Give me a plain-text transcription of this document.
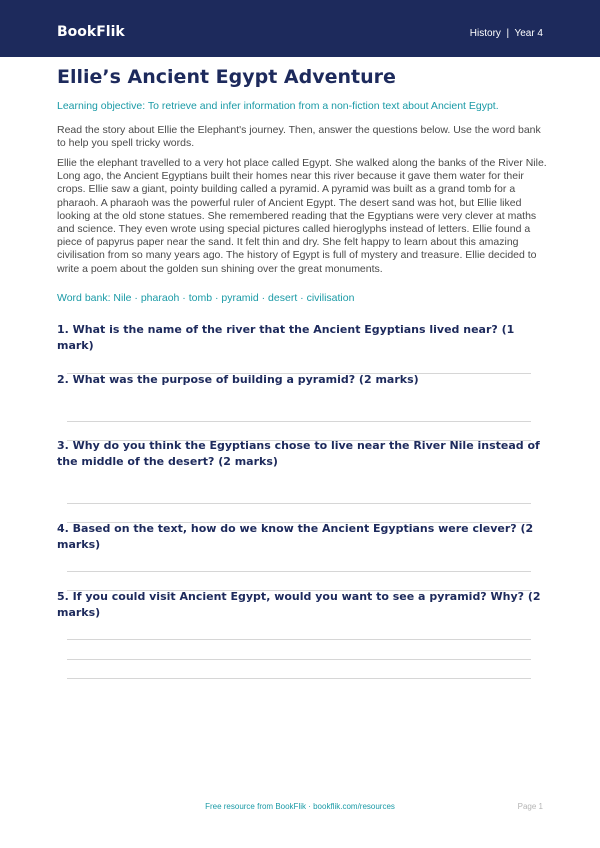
BookFlik	History  |  Year 4
Ellie’s Ancient Egypt Adventure
Learning objective: To retrieve and infer information from a non-fiction text about Ancient Egypt.
Read the story about Ellie the Elephant's journey. Then, answer the questions below. Use the word bank to help you spell tricky words.
Ellie the elephant travelled to a very hot place called Egypt. She walked along the banks of the River Nile. Long ago, the Ancient Egyptians built their homes near this river because it gave them water for their crops. Ellie saw a giant, pointy building called a pyramid. A pyramid was built as a grand tomb for a pharaoh. A pharaoh was the powerful ruler of Ancient Egypt. The desert sand was hot, but Ellie liked looking at the old stone statues. She remembered reading that the Egyptians were very clever at maths and science. They even wrote using special pictures called hieroglyphs instead of letters. Ellie found a piece of papyrus paper near the sand. It felt thin and dry. She felt happy to learn about this amazing civilisation from so many years ago. The history of Egypt is full of mystery and treasure. Ellie decided to write a poem about the golden sun shining over the great monuments.
Word bank: Nile · pharaoh · tomb · pyramid · desert · civilisation
1. What is the name of the river that the Ancient Egyptians lived near? (1 mark)
2. What was the purpose of building a pyramid? (2 marks)
3. Why do you think the Egyptians chose to live near the River Nile instead of the middle of the desert? (2 marks)
4. Based on the text, how do we know the Ancient Egyptians were clever? (2 marks)
5. If you could visit Ancient Egypt, would you want to see a pyramid? Why? (2 marks)
Free resource from BookFlik · bookflik.com/resources	Page 1
